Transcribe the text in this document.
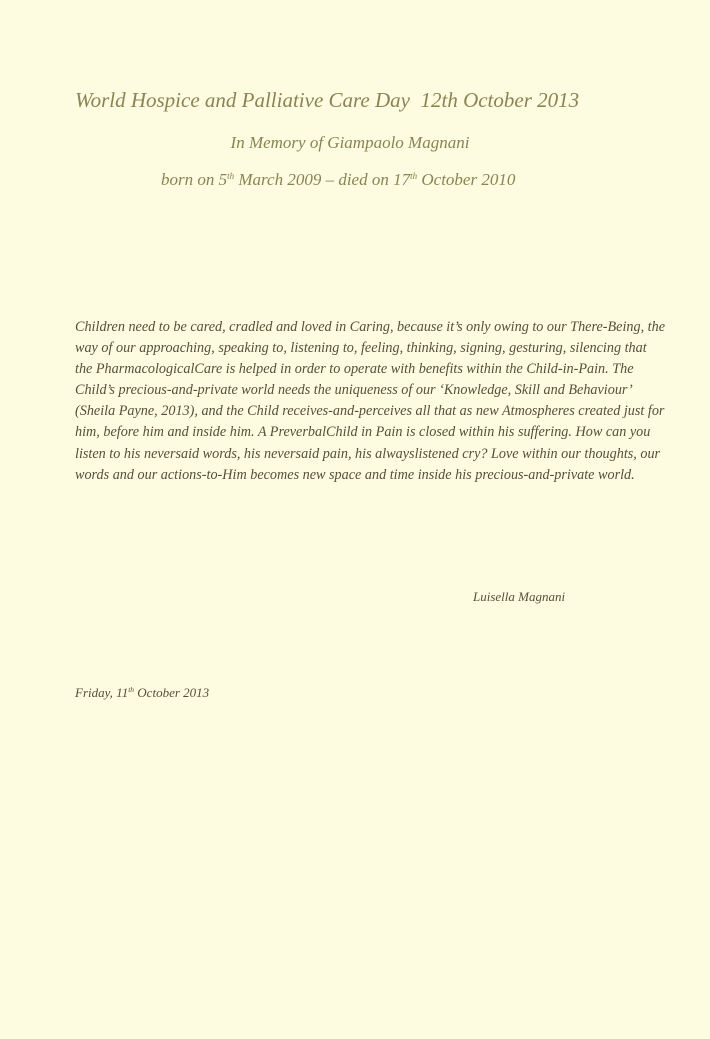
World Hospice and Palliative Care Day  12th October 2013

In Memory of Giampaolo Magnani

born on 5th March 2009 – died on 17th October 2010

Children need to be cared, cradled and loved in Caring, because it’s only owing to our There-Being, the way of our approaching, speaking to, listening to, feeling, thinking, signing, gesturing, silencing that the PharmacologicalCare is helped in order to operate with benefits within the Child-in-Pain. The Child’s precious-and-private world needs the uniqueness of our ‘Knowledge, Skill and Behaviour’ (Sheila Payne, 2013), and the Child receives-and-perceives all that as new Atmospheres created just for him, before him and inside him. A PreverbalChild in Pain is closed within his suffering. How can you listen to his neversaid words, his neversaid pain, his alwayslistened cry? Love within our thoughts, our words and our actions-to-Him becomes new space and time inside his precious-and-private world.

Luisella Magnani

Friday, 11th October 2013
